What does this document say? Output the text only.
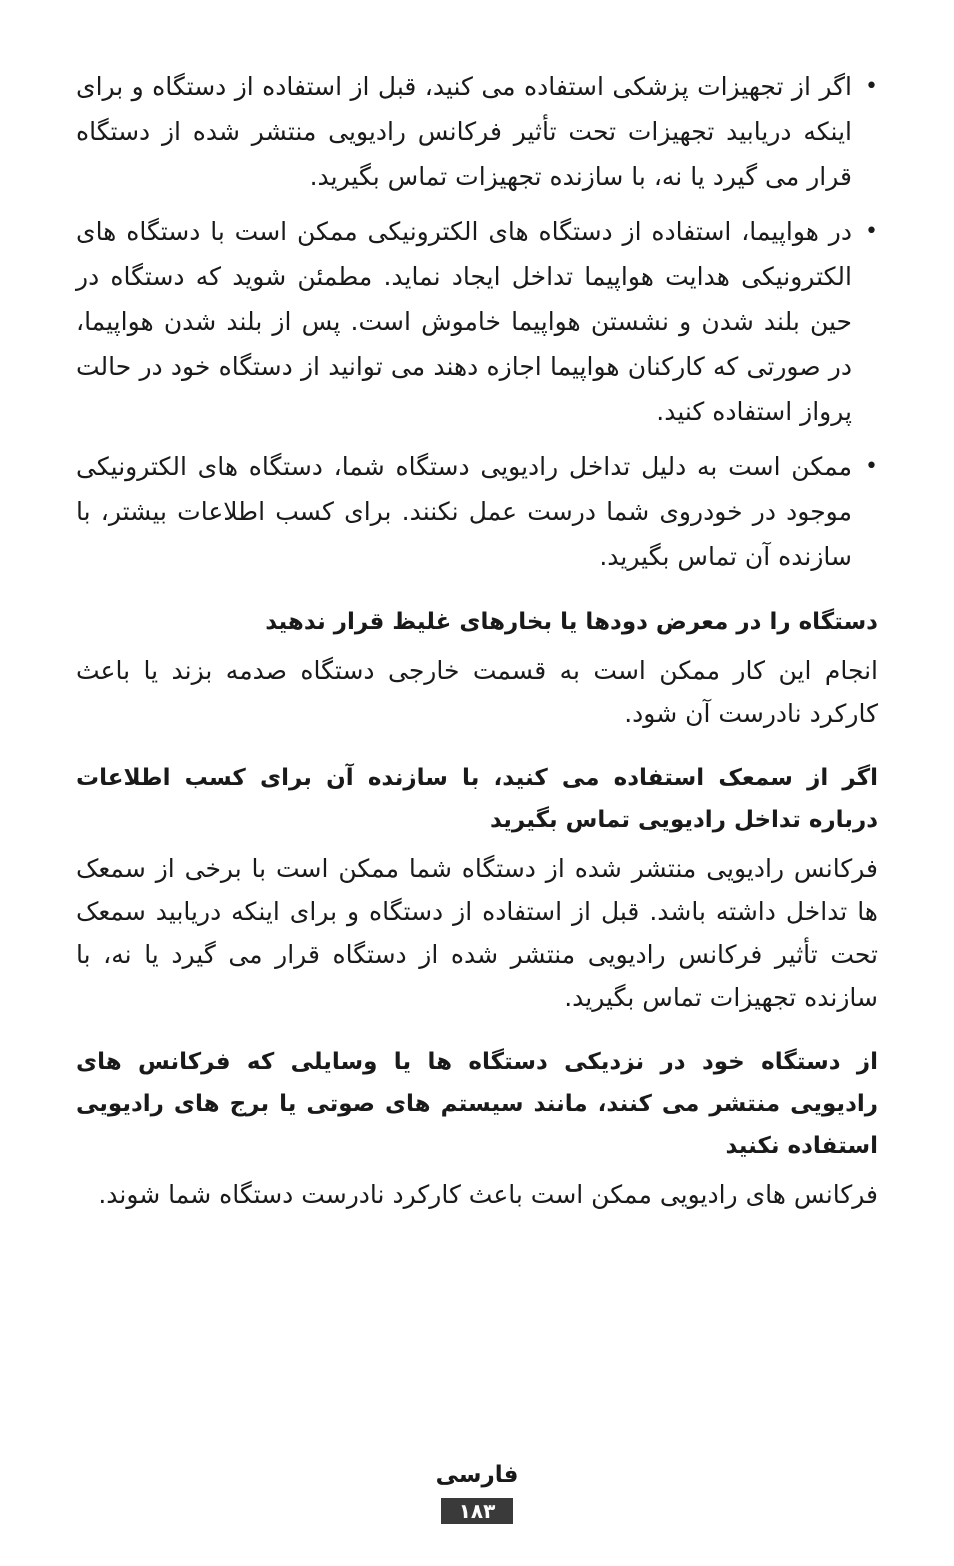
•
اگر از تجهیزات پزشکی استفاده می کنید، قبل از استفاده از دستگاه و برای اینکه دریابید تجهیزات تحت تأثیر فرکانس رادیویی منتشر شده از دستگاه قرار می گیرد یا نه، با سازنده تجهیزات تماس بگیرید.
•
در هواپیما، استفاده از دستگاه های الکترونیکی ممکن است با دستگاه های الکترونیکی هدایت هواپیما تداخل ایجاد نماید. مطمئن شوید که دستگاه در حین بلند شدن و نشستن هواپیما خاموش است. پس از بلند شدن هواپیما، در صورتی که کارکنان هواپیما اجازه دهند می توانید از دستگاه خود در حالت پرواز استفاده کنید.
•
ممکن است به دلیل تداخل رادیویی دستگاه شما، دستگاه های الکترونیکی موجود در خودروی شما درست عمل نکنند. برای کسب اطلاعات بیشتر، با سازنده آن تماس بگیرید.
دستگاه را در معرض دودها یا بخارهای غلیظ قرار ندهید

انجام این کار ممکن است به قسمت خارجی دستگاه صدمه بزند یا باعث کارکرد نادرست آن شود.

اگر از سمعک استفاده می کنید، با سازنده آن برای کسب اطلاعات درباره تداخل رادیویی تماس بگیرید

فرکانس رادیویی منتشر شده از دستگاه شما ممکن است با برخی از سمعک ها تداخل داشته باشد. قبل از استفاده از دستگاه و برای اینکه دریابید سمعک تحت تأثیر فرکانس رادیویی منتشر شده از دستگاه قرار می گیرد یا نه، با سازنده تجهیزات تماس بگیرید.

از دستگاه خود در نزدیکی دستگاه ها یا وسایلی که فرکانس های رادیویی منتشر می کنند، مانند سیستم های صوتی یا برج های رادیویی استفاده نکنید

فرکانس های رادیویی ممکن است باعث کارکرد نادرست دستگاه شما شوند.

فارسی
۱۸۳
